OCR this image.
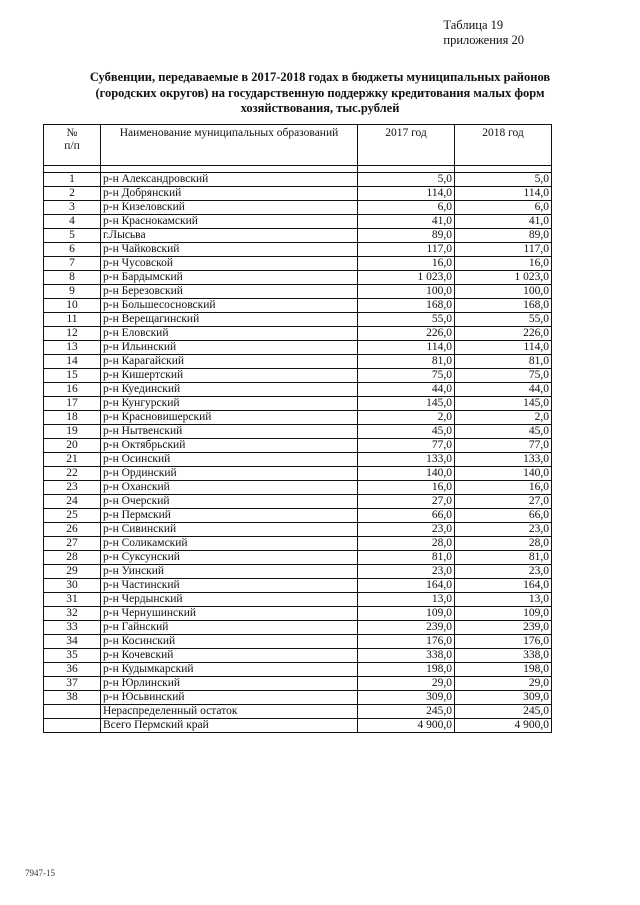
Таблица 19
приложения 20
Субвенции, передаваемые в 2017-2018 годах в бюджеты муниципальных районов
(городских округов) на государственную поддержку кредитования малых форм
хозяйствования, тыс.рублей
№
п/п	Наименование муниципальных образований	2017 год	2018 год

1	р-н Александровский	5,0	5,0
2	р-н Добрянский	114,0	114,0
3	р-н Кизеловский	6,0	6,0
4	р-н Краснокамский	41,0	41,0
5	г.Лысьва	89,0	89,0
6	р-н Чайковский	117,0	117,0
7	р-н Чусовской	16,0	16,0
8	р-н Бардымский	1 023,0	1 023,0
9	р-н Березовский	100,0	100,0
10	р-н Большесосновский	168,0	168,0
11	р-н Верещагинский	55,0	55,0
12	р-н Еловский	226,0	226,0
13	р-н Ильинский	114,0	114,0
14	р-н Карагайский	81,0	81,0
15	р-н Кишертский	75,0	75,0
16	р-н Куединский	44,0	44,0
17	р-н Кунгурский	145,0	145,0
18	р-н Красновишерский	2,0	2,0
19	р-н Нытвенский	45,0	45,0
20	р-н Октябрьский	77,0	77,0
21	р-н Осинский	133,0	133,0
22	р-н Ординский	140,0	140,0
23	р-н Оханский	16,0	16,0
24	р-н Очерский	27,0	27,0
25	р-н Пермский	66,0	66,0
26	р-н Сивинский	23,0	23,0
27	р-н Соликамский	28,0	28,0
28	р-н Суксунский	81,0	81,0
29	р-н Уинский	23,0	23,0
30	р-н Частинский	164,0	164,0
31	р-н Чердынский	13,0	13,0
32	р-н Чернушинский	109,0	109,0
33	р-н Гайнский	239,0	239,0
34	р-н Косинский	176,0	176,0
35	р-н Кочевский	338,0	338,0
36	р-н Кудымкарский	198,0	198,0
37	р-н Юрлинский	29,0	29,0
38	р-н Юсьвинский	309,0	309,0
	Нераспределенный остаток	245,0	245,0
	Всего Пермский край	4 900,0	4 900,0
7947-15
